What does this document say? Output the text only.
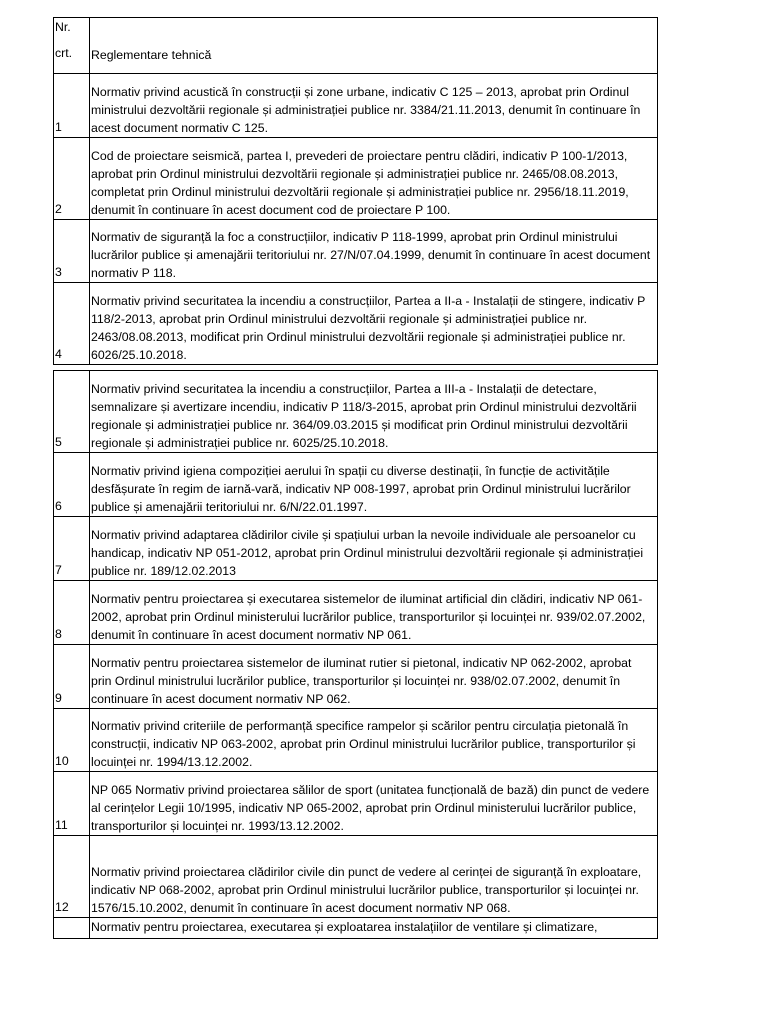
Nr.
crt.	Reglementare tehnică
1	Normativ privind acustică în construcții și zone urbane, indicativ C 125 – 2013, aprobat prin Ordinul ministrului dezvoltării regionale și administrației publice nr. 3384/21.11.2013, denumit în continuare în acest document normativ C 125.
2	Cod de proiectare seismică, partea I, prevederi de proiectare pentru clădiri, indicativ P 100-1/2013, aprobat prin Ordinul ministrului dezvoltării regionale și administrației publice nr. 2465/08.08.2013, completat prin Ordinul ministrului dezvoltării regionale și administrației publice nr. 2956/18.11.2019, denumit în continuare în acest document cod de proiectare P 100.
3	Normativ de siguranță la foc a construcțiilor, indicativ P 118-1999, aprobat prin Ordinul ministrului lucrărilor publice și amenajării teritoriului nr. 27/N/07.04.1999, denumit în continuare în acest document normativ P 118.
4	Normativ privind securitatea la incendiu a construcțiilor, Partea a II-a - Instalații de stingere, indicativ P 118/2-2013, aprobat prin Ordinul ministrului dezvoltării regionale și administrației publice nr. 2463/08.08.2013, modificat prin Ordinul ministrului dezvoltării regionale și administrației publice nr. 6026/25.10.2018.
5	Normativ privind securitatea la incendiu a construcțiilor, Partea a III-a - Instalații de detectare, semnalizare și avertizare incendiu, indicativ P 118/3-2015, aprobat prin Ordinul ministrului dezvoltării regionale și administrației publice nr. 364/09.03.2015 și modificat prin Ordinul ministrului dezvoltării regionale și administrației publice nr. 6025/25.10.2018.
6	Normativ privind igiena compoziției aerului în spații cu diverse destinații, în funcție de activitățile desfășurate în regim de iarnă-vară, indicativ NP 008-1997, aprobat prin Ordinul ministrului lucrărilor publice și amenajării teritoriului nr. 6/N/22.01.1997.
7	Normativ privind adaptarea clădirilor civile și spațiului urban la nevoile individuale ale persoanelor cu handicap, indicativ NP 051-2012, aprobat prin Ordinul ministrului dezvoltării regionale și administrației publice nr. 189/12.02.2013
8	Normativ pentru proiectarea și executarea sistemelor de iluminat artificial din clădiri, indicativ NP 061-2002, aprobat prin Ordinul ministerului lucrărilor publice, transporturilor și locuinței nr. 939/02.07.2002, denumit în continuare în acest document normativ NP 061.
9	Normativ pentru proiectarea sistemelor de iluminat rutier si pietonal, indicativ NP 062-2002, aprobat prin Ordinul ministrului lucrărilor publice, transporturilor și locuinței nr. 938/02.07.2002, denumit în continuare în acest document normativ NP 062.
10	Normativ privind criteriile de performanță specifice rampelor și scărilor pentru circulația pietonală în construcții, indicativ NP 063-2002, aprobat prin Ordinul ministrului lucrărilor publice, transporturilor și locuinței nr. 1994/13.12.2002.
11	NP 065 Normativ privind proiectarea sălilor de sport (unitatea funcțională de bază) din punct de vedere al cerințelor Legii 10/1995, indicativ NP 065-2002, aprobat prin Ordinul ministerului lucrărilor publice, transporturilor și locuinței nr. 1993/13.12.2002.
12	Normativ privind proiectarea clădirilor civile din punct de vedere al cerinței de siguranță în exploatare, indicativ NP 068-2002, aprobat prin Ordinul ministrului lucrărilor publice, transporturilor și locuinței nr. 1576/15.10.2002, denumit în continuare în acest document normativ NP 068.
	Normativ pentru proiectarea, executarea și exploatarea instalațiilor de ventilare și climatizare,
